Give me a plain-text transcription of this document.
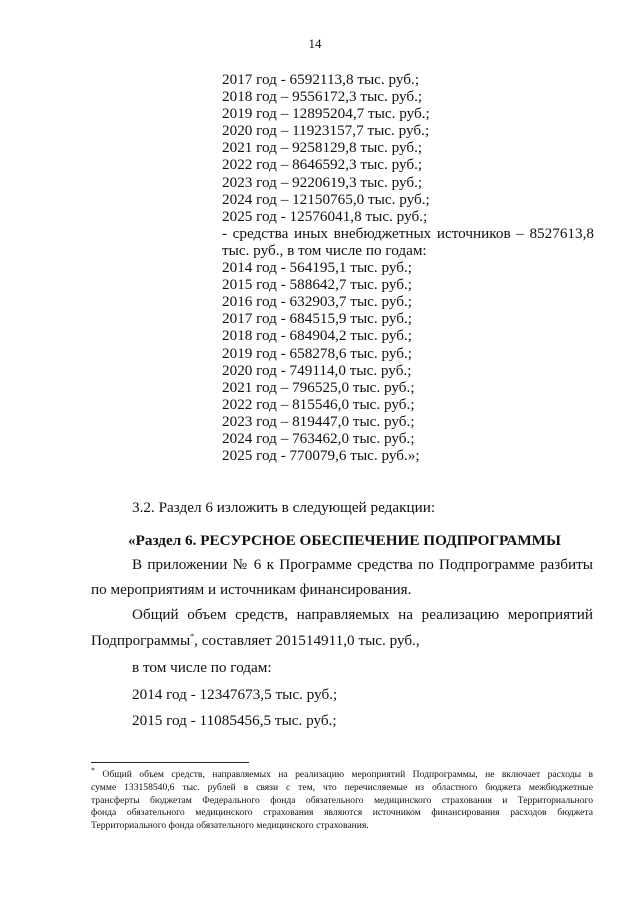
14
2017 год - 6592113,8 тыс. руб.;
2018 год – 9556172,3 тыс. руб.;
2019 год – 12895204,7 тыс. руб.;
2020 год – 11923157,7 тыс. руб.;
2021 год – 9258129,8 тыс. руб.;
2022 год – 8646592,3 тыс. руб.;
2023 год – 9220619,3 тыс. руб.;
2024 год – 12150765,0 тыс. руб.;
2025 год - 12576041,8 тыс. руб.;
- средства иных внебюджетных источников – 8527613,8
тыс. руб., в том числе по годам:
2014 год - 564195,1 тыс. руб.;
2015 год - 588642,7 тыс. руб.;
2016 год - 632903,7 тыс. руб.;
2017 год - 684515,9 тыс. руб.;
2018 год - 684904,2 тыс. руб.;
2019 год - 658278,6 тыс. руб.;
2020 год - 749114,0 тыс. руб.;
2021 год – 796525,0 тыс. руб.;
2022 год – 815546,0 тыс. руб.;
2023 год – 819447,0 тыс. руб.;
2024 год – 763462,0 тыс. руб.;
2025 год - 770079,6 тыс. руб.»;
3.2. Раздел 6 изложить в следующей редакции:
«Раздел 6. РЕСУРСНОЕ ОБЕСПЕЧЕНИЕ ПОДПРОГРАММЫ
В приложении № 6 к Программе средства по Подпрограмме разбиты
по мероприятиям и источникам финансирования.
Общий объем средств, направляемых на реализацию мероприятий
Подпрограммы*, составляет 201514911,0 тыс. руб.,
в том числе по годам:
2014 год - 12347673,5 тыс. руб.;
2015 год - 11085456,5 тыс. руб.;
* Общий объем средств, направляемых на реализацию мероприятий Подпрограммы, не включает расходы в
сумме 133158540,6 тыс. рублей в связи с тем, что перечисляемые из областного бюджета межбюджетные
трансферты бюджетам Федерального фонда обязательного медицинского страхования и Территориального
фонда обязательного медицинского страхования являются источником финансирования расходов бюджета
Территориального фонда обязательного медицинского страхования.
